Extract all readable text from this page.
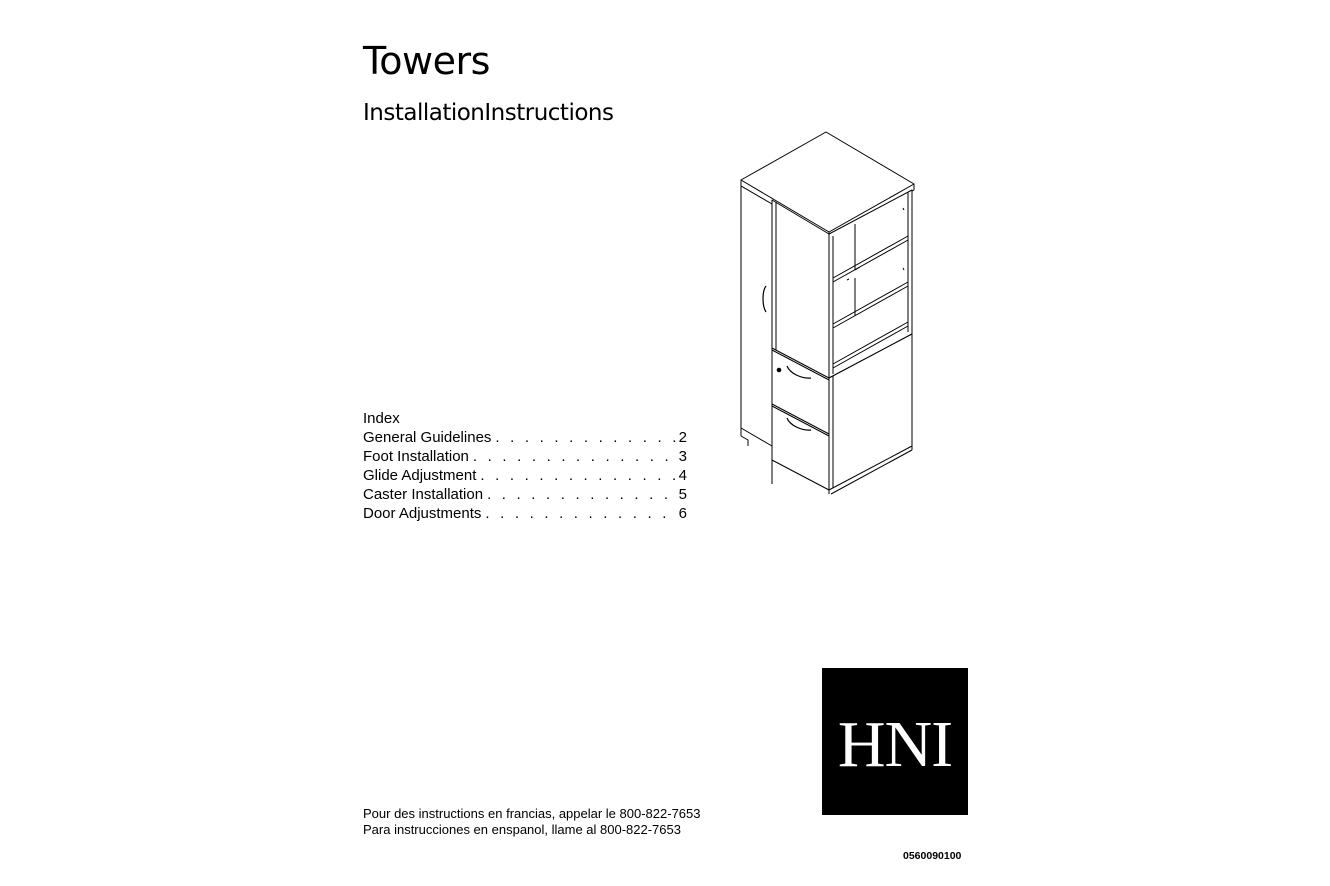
Towers
InstallationInstructions
Index
General Guidelines . . .	2
Foot Installation . . .	3
Glide Adjustment . . .	4
Caster Installation . . .	5
Door Adjustments . . .	6
HNI
Pour des instructions en francias, appelar le 800-822-7653
Para instrucciones en enspanol, llame al 800-822-7653
0560090100
